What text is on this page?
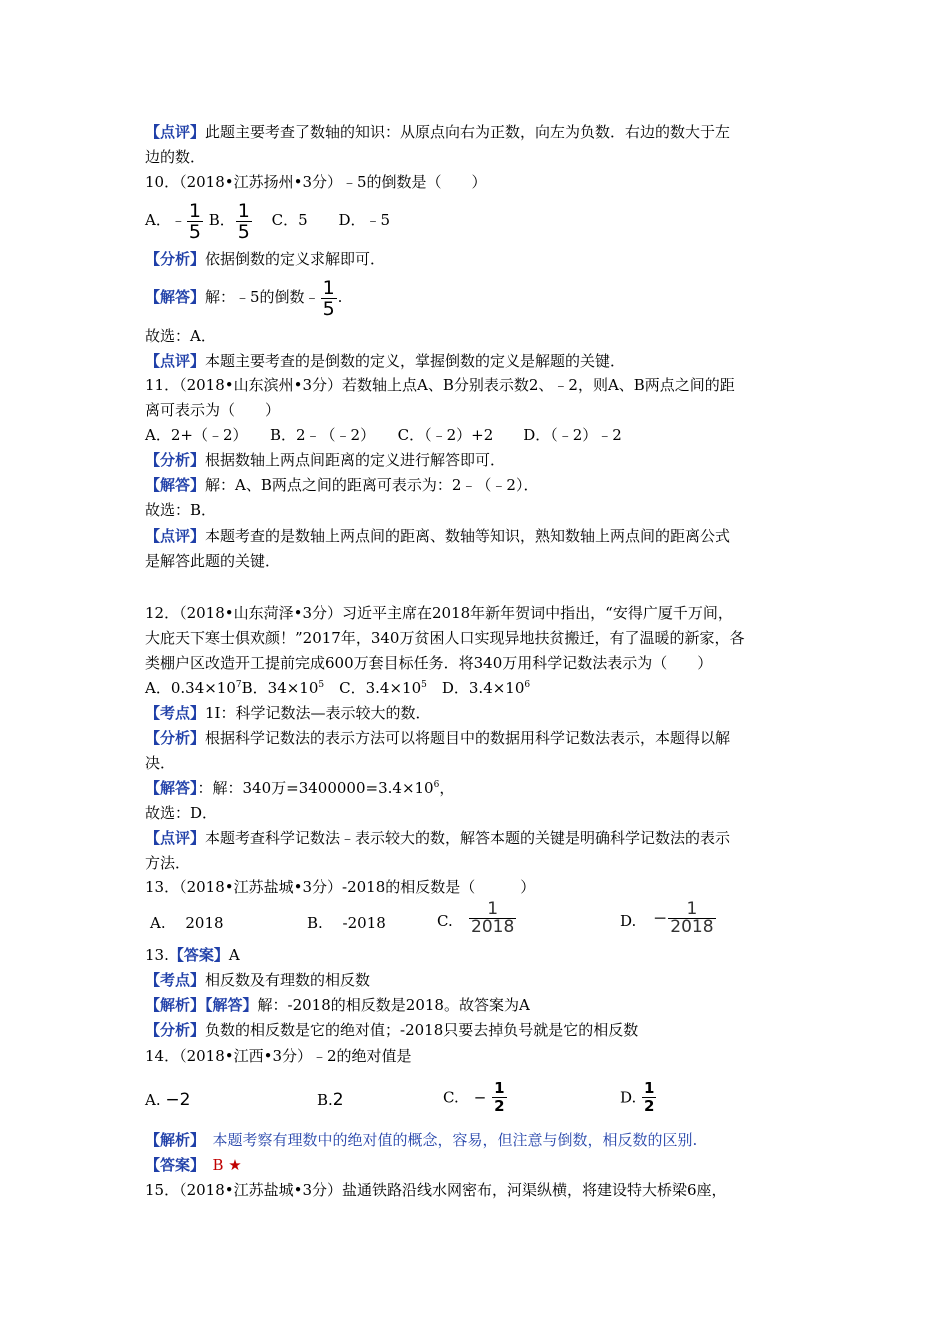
【点评】此题主要考查了数轴的知识：从原点向右为正数，向左为负数．右边的数大于左
边的数．
10．（2018•江苏扬州•3分）﹣5的倒数是（　　）
A．﹣ $\frac{1}{5}$ B． $\frac{1}{5}$ C．5 D．﹣5
【分析】依据倒数的定义求解即可．
【解答】解：﹣5的倒数﹣ $\frac{1}{5}$ .
故选：A．
【点评】本题主要考查的是倒数的定义，掌握倒数的定义是解题的关键．
11．（2018•山东滨州•3分）若数轴上点A、B分别表示数2、﹣2，则A、B两点之间的距
离可表示为（　　）
A．2+（﹣2）　　B．2﹣（﹣2）　　C．（﹣2）+2　　D．（﹣2）﹣2
【分析】根据数轴上两点间距离的定义进行解答即可．
【解答】解：A、B两点之间的距离可表示为：2﹣（﹣2）．
故选：B．
【点评】本题考查的是数轴上两点间的距离、数轴等知识，熟知数轴上两点间的距离公式
是解答此题的关键．
12．（2018•山东菏泽•3分）习近平主席在2018年新年贺词中指出，“安得广厦千万间，
大庇天下寒士俱欢颜！”2017年，340万贫困人口实现异地扶贫搬迁，有了温暖的新家，各
类棚户区改造开工提前完成600万套目标任务．将340万用科学记数法表示为（　　）
A．$0.34\times 10^7B$．$34\times 10^5$　C．$3.4\times 10^5$　D．$3.4\times 10^6$
【考点】1I：科学记数法—表示较大的数．
【分析】根据科学记数法的表示方法可以将题目中的数据用科学记数法表示，本题得以解
决．
【解答】：解：340万$=3400000=3.4\times 10^6$，
故选：D．
【点评】本题考查科学记数法﹣表示较大的数，解答本题的关键是明确科学记数法的表示
方法．
13．（2018•江苏盐城•3分）-2018的相反数是（　　　）
A.　 2018	B.　 -2018	C. $\frac{1}{2018}$	D. − $\frac{1}{2018}$
13.【答案】A
【考点】相反数及有理数的相反数
【解析】【解答】解：-2018的相反数是2018。故答案为A
【分析】负数的相反数是它的绝对值；-2018只要去掉负号就是它的相反数
14．（2018•江西•3分）﹣2的绝对值是
A. −2	B.2	C.　 − $\frac{1}{2}$	D. $\frac{1}{2}$
【解析】　本题考察有理数中的绝对值的概念，容易，但注意与倒数，相反数的区别.
【答案】　B ★
15．（2018•江苏盐城•3分）盐通铁路沿线水网密布，河渠纵横，将建设特大桥梁6座，
